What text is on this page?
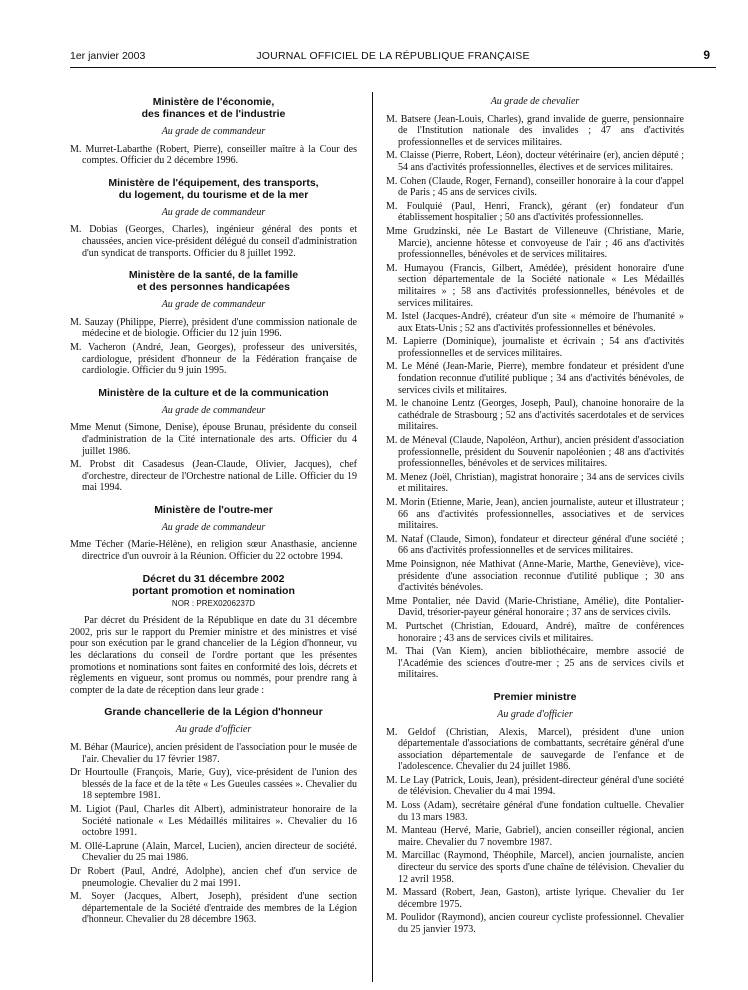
1er janvier 2003	JOURNAL OFFICIEL DE LA RÉPUBLIQUE FRANÇAISE	9
Ministère de l'économie,
des finances et de l'industrie
Au grade de commandeur

M. Murret-Labarthe (Robert, Pierre), conseiller maître à la Cour des comptes. Officier du 2 décembre 1996.

Ministère de l'équipement, des transports,
du logement, du tourisme et de la mer
Au grade de commandeur

M. Dobias (Georges, Charles), ingénieur général des ponts et chaussées, ancien vice-président délégué du conseil d'administration d'un syndicat de transports. Officier du 8 juillet 1992.

Ministère de la santé, de la famille
et des personnes handicapées
Au grade de commandeur

M. Sauzay (Philippe, Pierre), président d'une commission nationale de médecine et de biologie. Officier du 12 juin 1996.

M. Vacheron (André, Jean, Georges), professeur des universités, cardiologue, président d'honneur de la Fédération française de cardiologie. Officier du 9 juin 1995.

Ministère de la culture et de la communication
Au grade de commandeur

Mme Menut (Simone, Denise), épouse Brunau, présidente du conseil d'administration de la Cité internationale des arts. Officier du 4 juillet 1986.

M. Probst dit Casadesus (Jean-Claude, Olivier, Jacques), chef d'orchestre, directeur de l'Orchestre national de Lille. Officier du 19 mai 1994.

Ministère de l'outre-mer
Au grade de commandeur

Mme Técher (Marie-Hélène), en religion sœur Anasthasie, ancienne directrice d'un ouvroir à la Réunion. Officier du 22 octobre 1994.

Décret du 31 décembre 2002
portant promotion et nomination
NOR : PREX0206237D

Par décret du Président de la République en date du 31 décembre 2002, pris sur le rapport du Premier ministre et des ministres et visé pour son exécution par le grand chancelier de la Légion d'honneur, vu les déclarations du conseil de l'ordre portant que les présentes promotions et nominations sont faites en conformité des lois, décrets et règlements en vigueur, sont promus ou nommés, pour prendre rang à compter de la date de réception dans leur grade :

Grande chancellerie de la Légion d'honneur
Au grade d'officier

M. Béhar (Maurice), ancien président de l'association pour le musée de l'air. Chevalier du 17 février 1987.

Dr Hourtoulle (François, Marie, Guy), vice-président de l'union des blessés de la face et de la tête « Les Gueules cassées ». Chevalier du 18 septembre 1981.

M. Ligiot (Paul, Charles dit Albert), administrateur honoraire de la Société nationale « Les Médaillés militaires ». Chevalier du 16 octobre 1991.

M. Ollé-Laprune (Alain, Marcel, Lucien), ancien directeur de société. Chevalier du 25 mai 1986.

Dr Robert (Paul, André, Adolphe), ancien chef d'un service de pneumologie. Chevalier du 2 mai 1991.

M. Soyer (Jacques, Albert, Joseph), président d'une section départementale de la Société d'entraide des membres de la Légion d'honneur. Chevalier du 28 décembre 1963.

Au grade de chevalier

M. Batsere (Jean-Louis, Charles), grand invalide de guerre, pensionnaire de l'Institution nationale des invalides ; 47 ans d'activités professionnelles et de services militaires.

M. Claisse (Pierre, Robert, Léon), docteur vétérinaire (er), ancien député ; 54 ans d'activités professionnelles, électives et de services militaires.

M. Cohen (Claude, Roger, Fernand), conseiller honoraire à la cour d'appel de Paris ; 45 ans de services civils.

M. Foulquié (Paul, Henri, Franck), gérant (er) fondateur d'un établissement hospitalier ; 50 ans d'activités professionnelles.

Mme Grudzinski, née Le Bastart de Villeneuve (Christiane, Marie, Marcie), ancienne hôtesse et convoyeuse de l'air ; 46 ans d'activités professionnelles, bénévoles et de services militaires.

M. Humayou (Francis, Gilbert, Amédée), président honoraire d'une section départementale de la Société nationale « Les Médaillés militaires » ; 58 ans d'activités professionnelles, bénévoles et de services militaires.

M. Istel (Jacques-André), créateur d'un site « mémoire de l'humanité » aux Etats-Unis ; 52 ans d'activités professionnelles et bénévoles.

M. Lapierre (Dominique), journaliste et écrivain ; 54 ans d'activités professionnelles et de services militaires.

M. Le Méné (Jean-Marie, Pierre), membre fondateur et président d'une fondation reconnue d'utilité publique ; 34 ans d'activités bénévoles, de services civils et militaires.

M. le chanoine Lentz (Georges, Joseph, Paul), chanoine honoraire de la cathédrale de Strasbourg ; 52 ans d'activités sacerdotales et de services militaires.

M. de Méneval (Claude, Napoléon, Arthur), ancien président d'association professionnelle, président du Souvenir napoléonien ; 48 ans d'activités professionnelles, bénévoles et de services militaires.

M. Menez (Joël, Christian), magistrat honoraire ; 34 ans de services civils et militaires.

M. Morin (Etienne, Marie, Jean), ancien journaliste, auteur et illustrateur ; 66 ans d'activités professionnelles, associatives et de services militaires.

M. Nataf (Claude, Simon), fondateur et directeur général d'une société ; 66 ans d'activités professionnelles et de services militaires.

Mme Poinsignon, née Mathivat (Anne-Marie, Marthe, Geneviève), vice-présidente d'une association reconnue d'utilité publique ; 30 ans d'activités bénévoles.

Mme Pontalier, née David (Marie-Christiane, Amélie), dite Pontalier-David, trésorier-payeur général honoraire ; 37 ans de services civils.

M. Purtschet (Christian, Edouard, André), maître de conférences honoraire ; 43 ans de services civils et militaires.

M. Thai (Van Kiem), ancien bibliothécaire, membre associé de l'Académie des sciences d'outre-mer ; 25 ans de services civils et militaires.

Premier ministre
Au grade d'officier

M. Geldof (Christian, Alexis, Marcel), président d'une union départementale d'associations de combattants, secrétaire général d'une association départementale de sauvegarde de l'enfance et de l'adolescence. Chevalier du 24 juillet 1986.

M. Le Lay (Patrick, Louis, Jean), président-directeur général d'une société de télévision. Chevalier du 4 mai 1994.

M. Loss (Adam), secrétaire général d'une fondation cultuelle. Chevalier du 13 mars 1983.

M. Manteau (Hervé, Marie, Gabriel), ancien conseiller régional, ancien maire. Chevalier du 7 novembre 1987.

M. Marcillac (Raymond, Théophile, Marcel), ancien journaliste, ancien directeur du service des sports d'une chaîne de télévision. Chevalier du 12 avril 1958.

M. Massard (Robert, Jean, Gaston), artiste lyrique. Chevalier du 1er décembre 1975.

M. Poulidor (Raymond), ancien coureur cycliste professionnel. Chevalier du 25 janvier 1973.
